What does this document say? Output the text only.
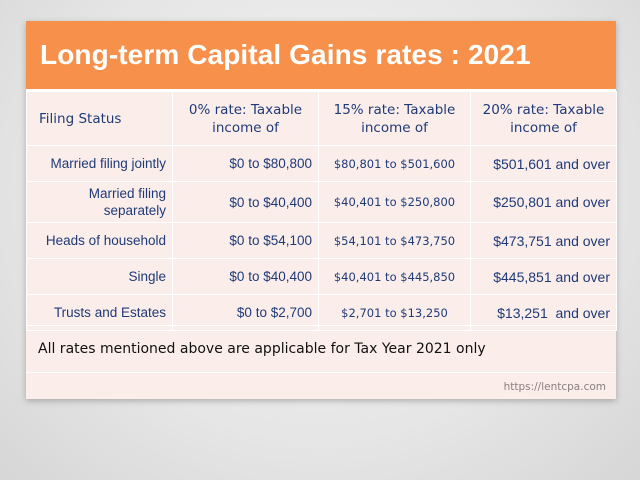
Long-term Capital Gains rates : 2021
Filing Status	0% rate: Taxable income of	15% rate: Taxable income of	20% rate: Taxable income of
Married filing jointly	$0 to $80,800	$80,801 to $501,600	$501,601 and over
Married filing separately	$0 to $40,400	$40,401 to $250,800	$250,801 and over
Heads of household	$0 to $54,100	$54,101 to $473,750	$473,751 and over
Single	$0 to $40,400	$40,401 to $445,850	$445,851 and over
Trusts and Estates	$0 to $2,700	$2,701 to $13,250	$13,251  and over
All rates mentioned above are applicable for Tax Year 2021 only
https://lentcpa.com
